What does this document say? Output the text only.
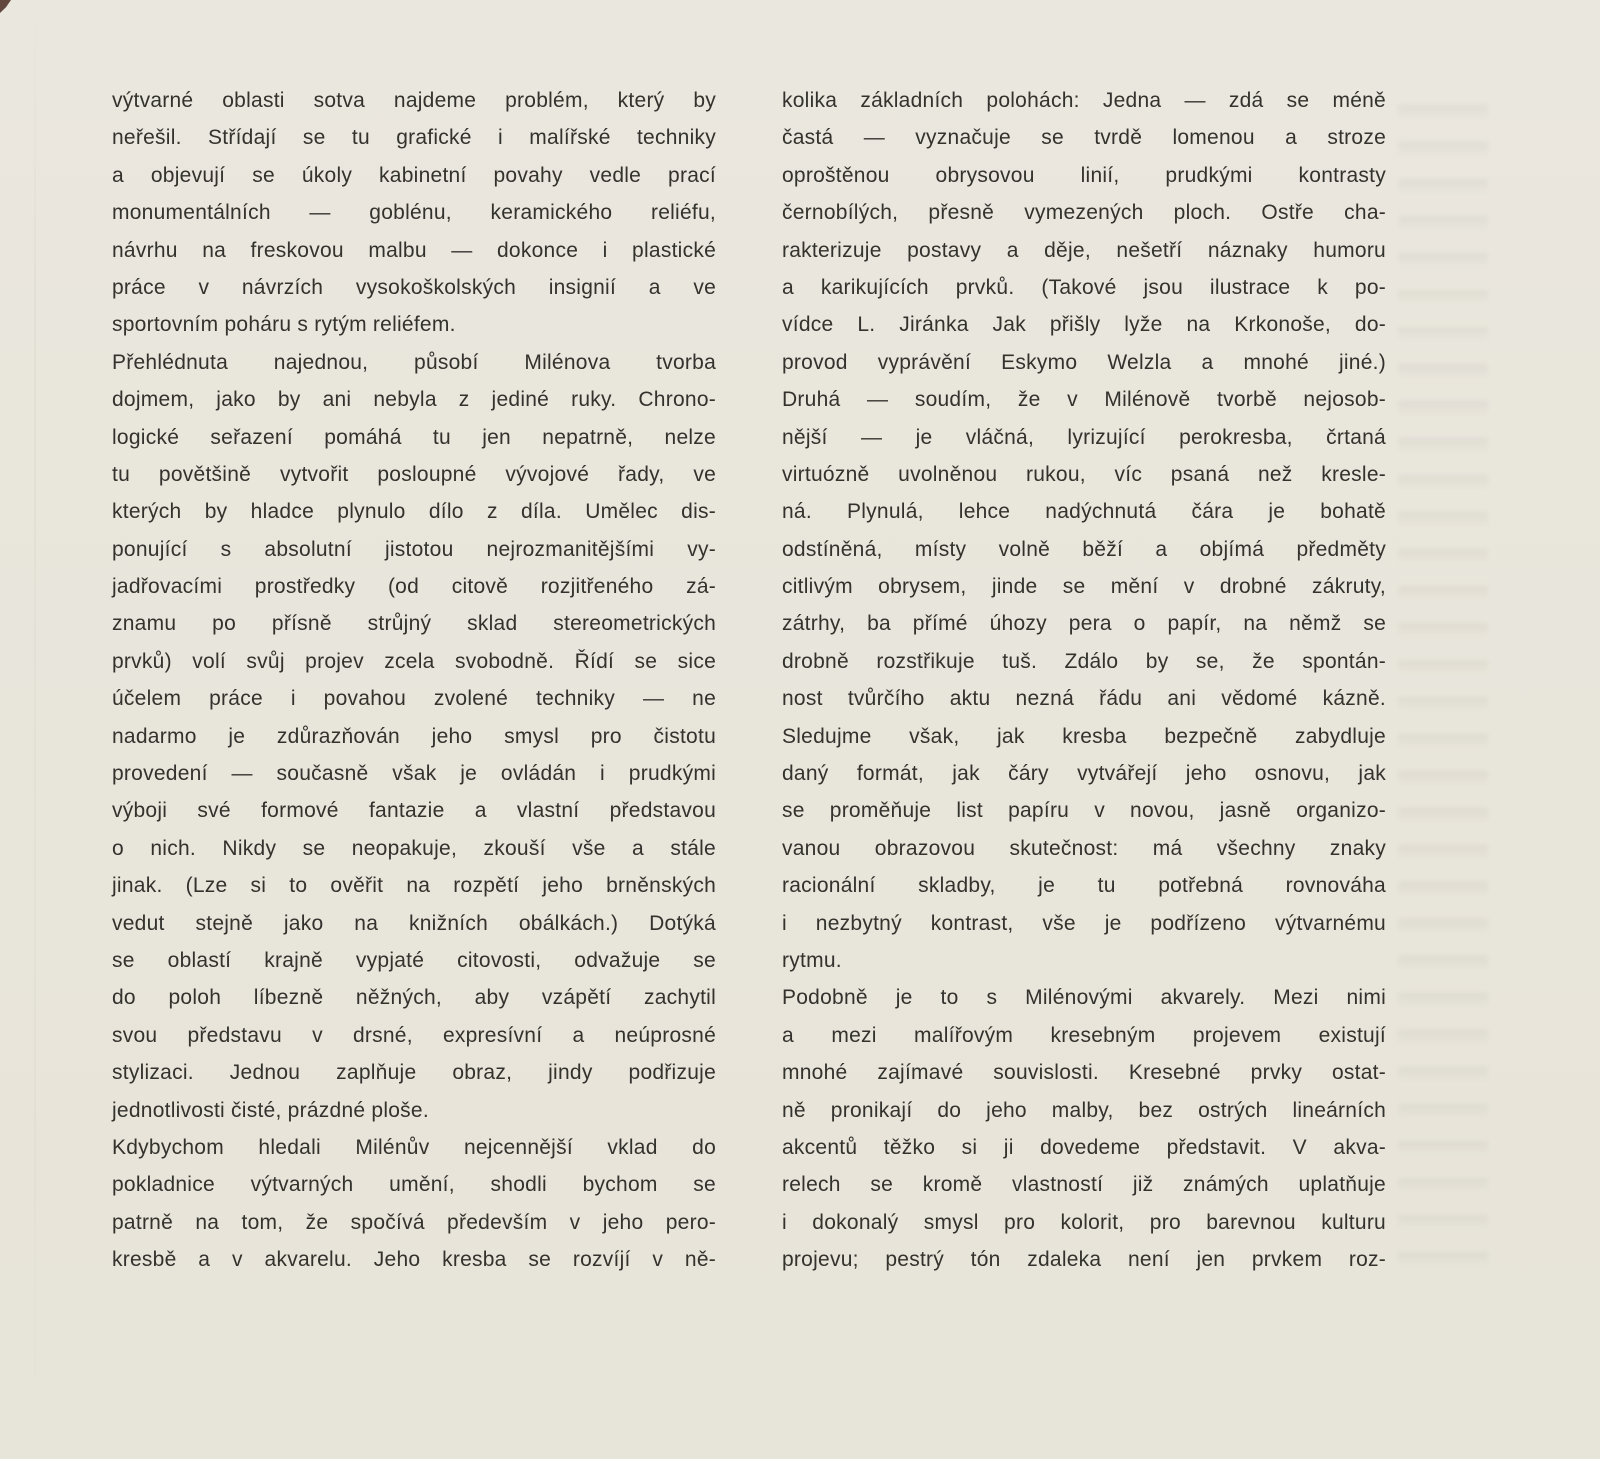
výtvarné oblasti sotva najdeme problém, který by
neřešil. Střídají se tu grafické i malířské techniky
a objevují se úkoly kabinetní povahy vedle prací
monumentálních — goblénu, keramického reliéfu,
návrhu na freskovou malbu — dokonce i plastické
práce v návrzích vysokoškolských insignií a ve
sportovním poháru s rytým reliéfem.
Přehlédnuta najednou, působí Milénova tvorba
dojmem, jako by ani nebyla z jediné ruky. Chrono-
logické seřazení pomáhá tu jen nepatrně, nelze
tu povětšině vytvořit posloupné vývojové řady, ve
kterých by hladce plynulo dílo z díla. Umělec dis-
ponující s absolutní jistotou nejrozmanitějšími vy-
jadřovacími prostředky (od citově rozjitřeného zá-
znamu po přísně strůjný sklad stereometrických
prvků) volí svůj projev zcela svobodně. Řídí se sice
účelem práce i povahou zvolené techniky — ne
nadarmo je zdůrazňován jeho smysl pro čistotu
provedení — současně však je ovládán i prudkými
výboji své formové fantazie a vlastní představou
o nich. Nikdy se neopakuje, zkouší vše a stále
jinak. (Lze si to ověřit na rozpětí jeho brněnských
vedut stejně jako na knižních obálkách.) Dotýká
se oblastí krajně vypjaté citovosti, odvažuje se
do poloh líbezně něžných, aby vzápětí zachytil
svou představu v drsné, expresívní a neúprosné
stylizaci. Jednou zaplňuje obraz, jindy podřizuje
jednotlivosti čisté, prázdné ploše.
Kdybychom hledali Milénův nejcennější vklad do
pokladnice výtvarných umění, shodli bychom se
patrně na tom, že spočívá především v jeho pero-
kresbě a v akvarelu. Jeho kresba se rozvíjí v ně-
kolika základních polohách: Jedna — zdá se méně
častá — vyznačuje se tvrdě lomenou a stroze
oproštěnou obrysovou linií, prudkými kontrasty
černobílých, přesně vymezených ploch. Ostře cha-
rakterizuje postavy a děje, nešetří náznaky humoru
a karikujících prvků. (Takové jsou ilustrace k po-
vídce L. Jiránka Jak přišly lyže na Krkonoše, do-
provod vyprávění Eskymo Welzla a mnohé jiné.)
Druhá — soudím, že v Milénově tvorbě nejosob-
nější — je vláčná, lyrizující perokresba, črtaná
virtuózně uvolněnou rukou, víc psaná než kresle-
ná. Plynulá, lehce nadýchnutá čára je bohatě
odstíněná, místy volně běží a objímá předměty
citlivým obrysem, jinde se mění v drobné zákruty,
zátrhy, ba přímé úhozy pera o papír, na němž se
drobně rozstřikuje tuš. Zdálo by se, že spontán-
nost tvůrčího aktu nezná řádu ani vědomé kázně.
Sledujme však, jak kresba bezpečně zabydluje
daný formát, jak čáry vytvářejí jeho osnovu, jak
se proměňuje list papíru v novou, jasně organizo-
vanou obrazovou skutečnost: má všechny znaky
racionální skladby, je tu potřebná rovnováha
i nezbytný kontrast, vše je podřízeno výtvarnému
rytmu.
Podobně je to s Milénovými akvarely. Mezi nimi
a mezi malířovým kresebným projevem existují
mnohé zajímavé souvislosti. Kresebné prvky ostat-
ně pronikají do jeho malby, bez ostrých lineárních
akcentů těžko si ji dovedeme představit. V akva-
relech se kromě vlastností již známých uplatňuje
i dokonalý smysl pro kolorit, pro barevnou kulturu
projevu; pestrý tón zdaleka není jen prvkem roz-
